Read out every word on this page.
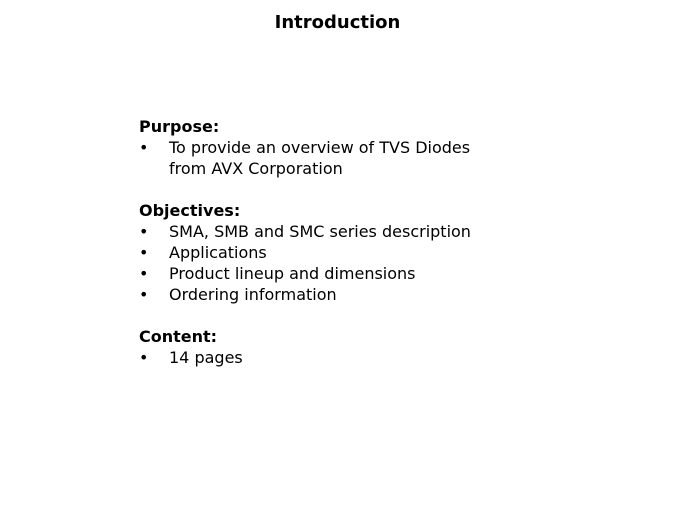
Introduction
Purpose:
• To provide an overview of TVS Diodes from AVX Corporation
Objectives:
• SMA, SMB and SMC series description
• Applications
• Product lineup and dimensions
• Ordering information
Content:
• 14 pages
